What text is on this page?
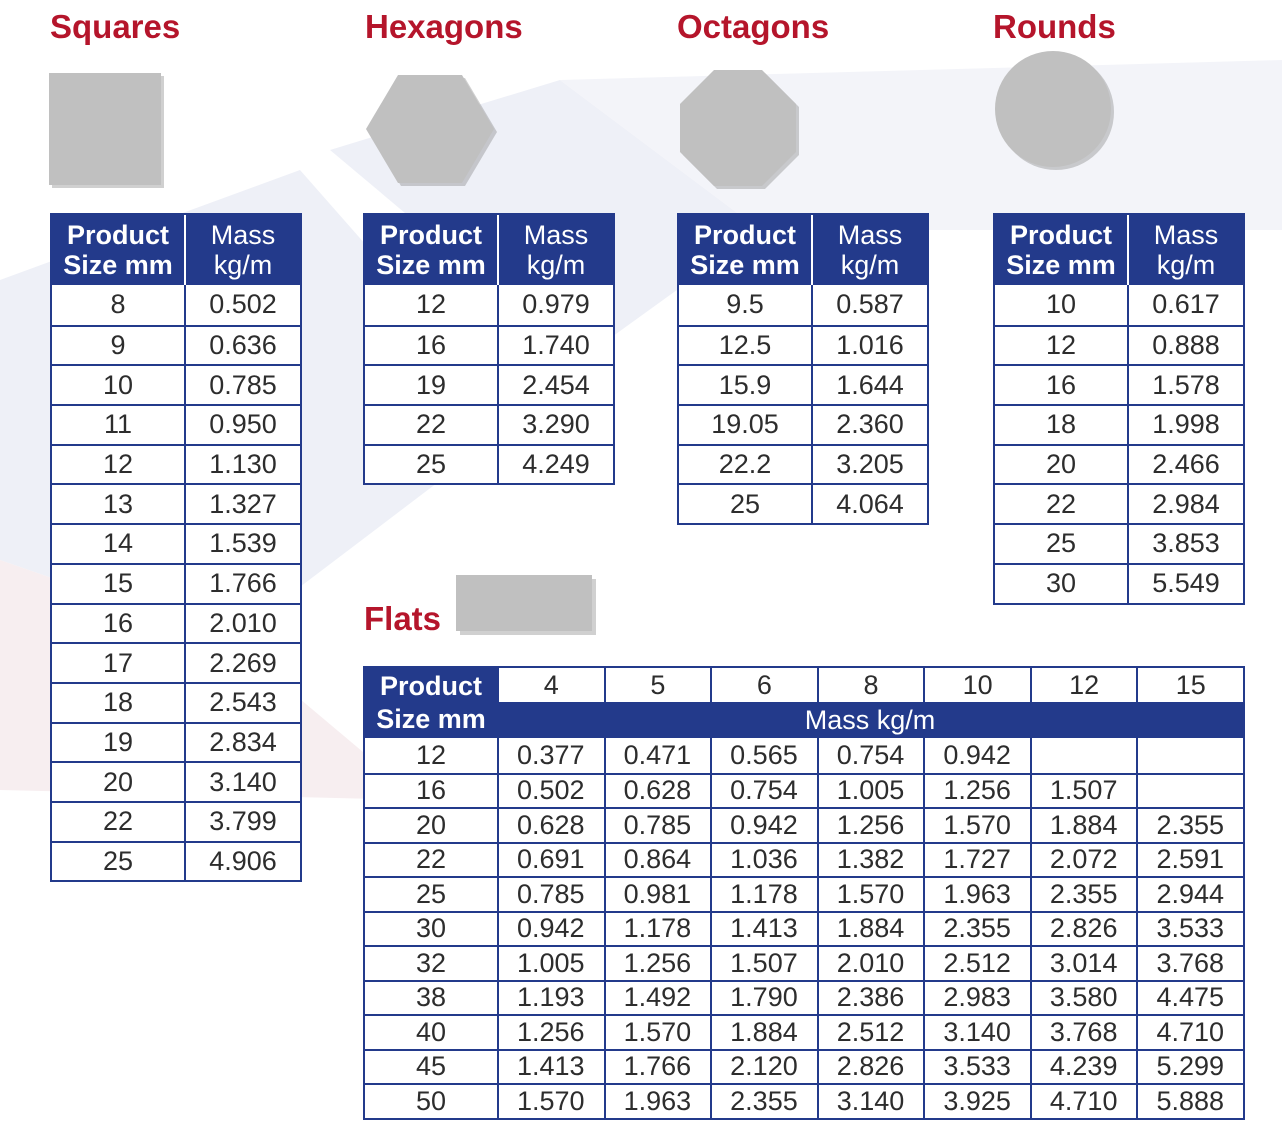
Squares
Product
Size mm
Mass
kg/m
8	0.502
9	0.636
10	0.785
11	0.950
12	1.130
13	1.327
14	1.539
15	1.766
16	2.010
17	2.269
18	2.543
19	2.834
20	3.140
22	3.799
25	4.906
Hexagons
Product
Size mm
Mass
kg/m
12	0.979
16	1.740
19	2.454
22	3.290
25	4.249
Octagons
Product
Size mm
Mass
kg/m
9.5	0.587
12.5	1.016
15.9	1.644
19.05	2.360
22.2	3.205
25	4.064
Rounds
Product
Size mm
Mass
kg/m
10	0.617
12	0.888
16	1.578
18	1.998
20	2.466
22	2.984
25	3.853
30	5.549
Flats
Product
Size mm
4	5	6	8	10	12	15
Mass kg/m
12	0.377	0.471	0.565	0.754	0.942
16	0.502	0.628	0.754	1.005	1.256	1.507
20	0.628	0.785	0.942	1.256	1.570	1.884	2.355
22	0.691	0.864	1.036	1.382	1.727	2.072	2.591
25	0.785	0.981	1.178	1.570	1.963	2.355	2.944
30	0.942	1.178	1.413	1.884	2.355	2.826	3.533
32	1.005	1.256	1.507	2.010	2.512	3.014	3.768
38	1.193	1.492	1.790	2.386	2.983	3.580	4.475
40	1.256	1.570	1.884	2.512	3.140	3.768	4.710
45	1.413	1.766	2.120	2.826	3.533	4.239	5.299
50	1.570	1.963	2.355	3.140	3.925	4.710	5.888
